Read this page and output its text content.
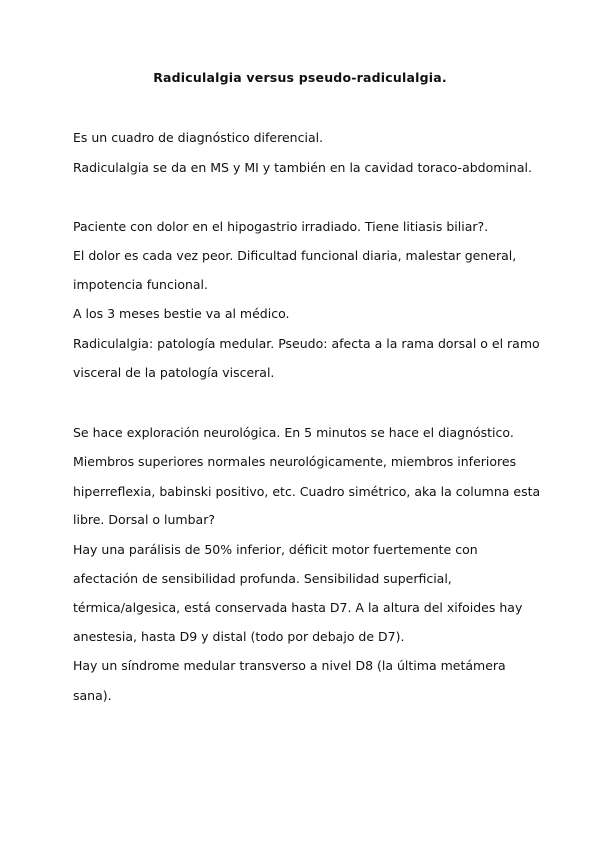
Radiculalgia versus pseudo-radiculalgia.
Es un cuadro de diagnóstico diferencial.
Radiculalgia se da en MS y MI y también en la cavidad toraco-abdominal.
Paciente con dolor en el hipogastrio irradiado. Tiene litiasis biliar?.
El dolor es cada vez peor. Dificultad funcional diaria, malestar general,
impotencia funcional.
A los 3 meses bestie va al médico.
Radiculalgia: patología medular. Pseudo: afecta a la rama dorsal o el ramo
visceral de la patología visceral.
Se hace exploración neurológica. En 5 minutos se hace el diagnóstico.
Miembros superiores normales neurológicamente, miembros inferiores
hiperreflexia, babinski positivo, etc. Cuadro simétrico, aka la columna esta
libre. Dorsal o lumbar?
Hay una parálisis de 50% inferior, déficit motor fuertemente con
afectación de sensibilidad profunda. Sensibilidad superficial,
térmica/algesica, está conservada hasta D7. A la altura del xifoides hay
anestesia, hasta D9 y distal (todo por debajo de D7).
Hay un síndrome medular transverso a nivel D8 (la última metámera
sana).
